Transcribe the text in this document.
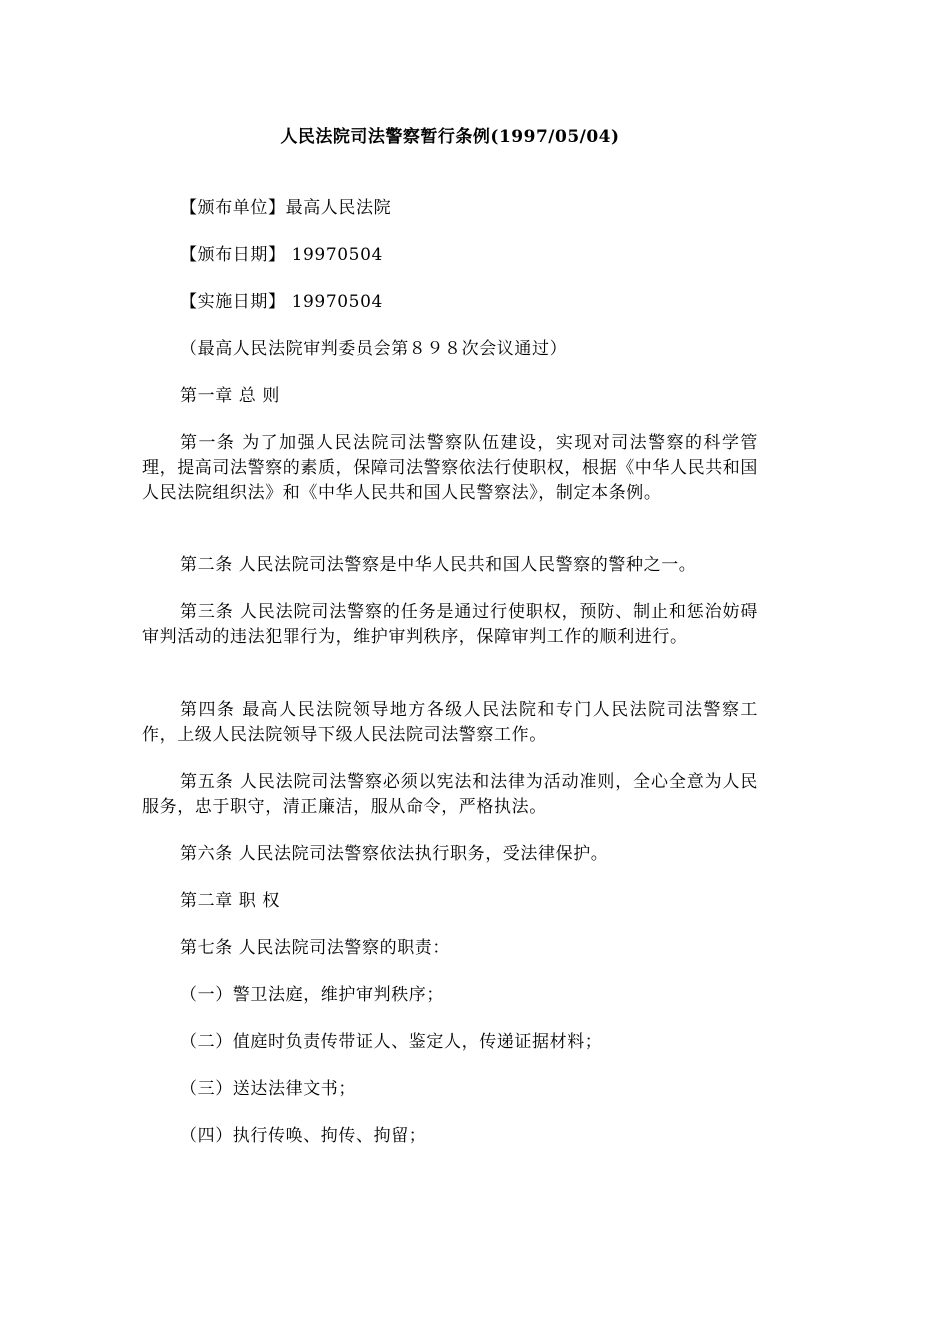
人民法院司法警察暂行条例(1997/05/04)

【颁布单位】最高人民法院

【颁布日期】 19970504

【实施日期】 19970504

（最高人民法院审判委员会第８９８次会议通过）

第一章 总 则

第一条 为了加强人民法院司法警察队伍建设，实现对司法警察的科学管理，提高司法警察的素质，保障司法警察依法行使职权，根据《中华人民共和国人民法院组织法》和《中华人民共和国人民警察法》，制定本条例。

第二条 人民法院司法警察是中华人民共和国人民警察的警种之一。

第三条 人民法院司法警察的任务是通过行使职权，预防、制止和惩治妨碍审判活动的违法犯罪行为，维护审判秩序，保障审判工作的顺利进行。

第四条 最高人民法院领导地方各级人民法院和专门人民法院司法警察工作，上级人民法院领导下级人民法院司法警察工作。

第五条 人民法院司法警察必须以宪法和法律为活动准则，全心全意为人民服务，忠于职守，清正廉洁，服从命令，严格执法。

第六条 人民法院司法警察依法执行职务，受法律保护。

第二章 职 权

第七条 人民法院司法警察的职责：

（一）警卫法庭，维护审判秩序；

（二）值庭时负责传带证人、鉴定人，传递证据材料；

（三）送达法律文书；

（四）执行传唤、拘传、拘留；
